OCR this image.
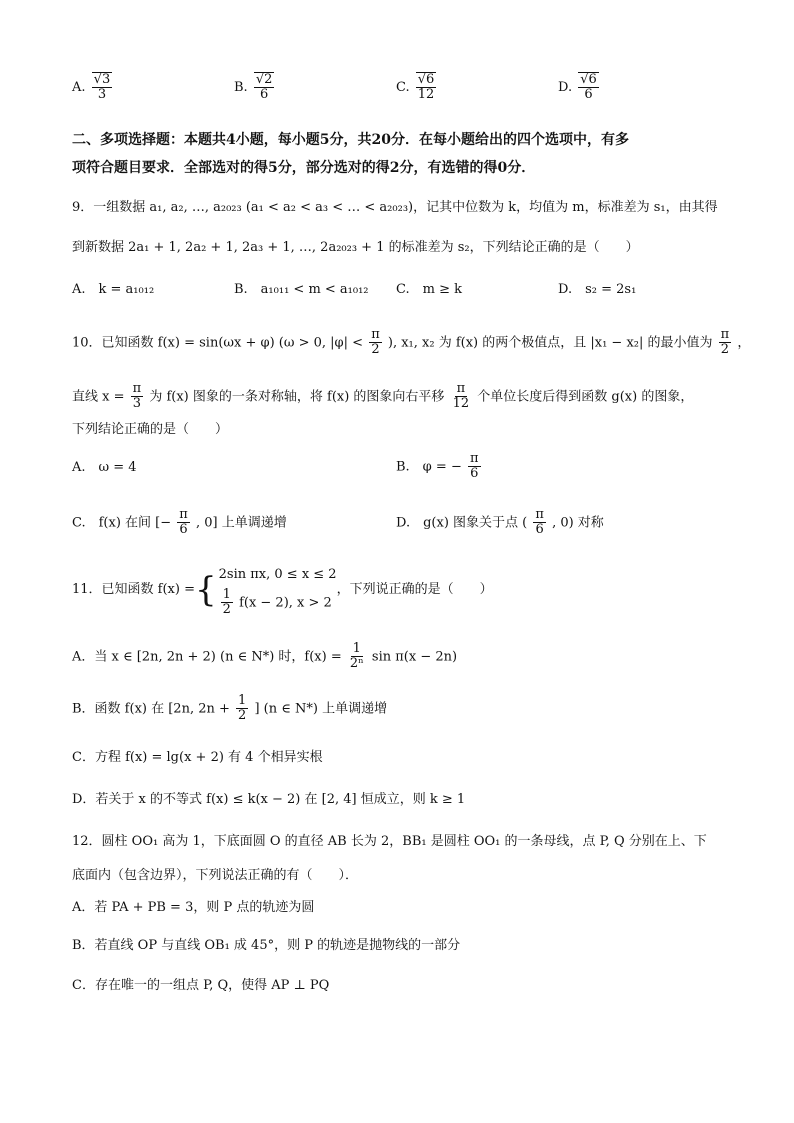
A. $\frac{√3}{3}$	B. $\frac{√2}{6}$	C. $\frac{√6}{12}$	D. $\frac{√6}{6}$
二、多项选择题：本题共4小题，每小题5分，共20分．在每小题给出的四个选项中，有多
项符合题目要求．全部选对的得5分，部分选对的得2分，有选错的得0分．
9．一组数据 a₁, a₂, …, a₂₀₂₃ (a₁ < a₂ < a₃ < … < a₂₀₂₃)，记其中位数为 k，均值为 m，标准差为 s₁，由其得
到新数据 2a₁ + 1, 2a₂ + 1, 2a₃ + 1, …, 2a₂₀₂₃ + 1 的标准差为 s₂，下列结论正确的是（　　）
A.　k = a₁₀₁₂	B.　a₁₀₁₁ < m < a₁₀₁₂ C.　m ≥ k	D.　s₂ = 2s₁
10．已知函数 f(x) = sin(ωx + φ) (ω > 0, $|\varphi| < \frac{\pi}{2}$ ), x₁, x₂ 为 f(x) 的两个极值点，且 |x₁ − x₂| 的最小值为 $\frac{\pi}{2}$ ，
直线 $x = \frac{\pi}{3}$ 为 f(x) 图象的一条对称轴，将 f(x) 的图象向右平移 $\frac{\pi}{12}$ 个单位长度后得到函数 g(x) 的图象，
下列结论正确的是（　　）
A.　ω = 4	B.　φ = − $\frac{\pi}{6}$
C.　f(x) 在间 [− $\frac{\pi}{6}$ , 0] 上单调递增	D.　g(x) 图象关于点 ( $\frac{\pi}{6}$ , 0) 对称
11．已知函数 f(x) = { 2sin πx, 0 ≤ x ≤ 2
$\frac{1}{2} f(x - 2)$, x > 2
，下列说正确的是（　　）
A．当 x ∈ [2n, 2n + 2) (n ∈ N*) 时，$f(x) = \frac{1}{\text{2ⁿ}}$ sin π(x − 2n)
B．函数 f(x) 在 [2n, $2n + \frac{1}{2}$ ] (n ∈ N*) 上单调递增
C．方程 f(x) = lg(x + 2) 有 4 个相异实根
D．若关于 x 的不等式 f(x) ≤ k(x − 2) 在 [2, 4] 恒成立，则 k ≥ 1
12．圆柱 OO₁ 高为 1，下底面圆 O 的直径 AB 长为 2，BB₁ 是圆柱 OO₁ 的一条母线，点 P, Q 分别在上、下
底面内（包含边界），下列说法正确的有（　　）．
A．若 PA + PB = 3，则 P 点的轨迹为圆
B．若直线 OP 与直线 OB₁ 成 45°，则 P 的轨迹是抛物线的一部分
C．存在唯一的一组点 P, Q，使得 AP ⊥ PQ
